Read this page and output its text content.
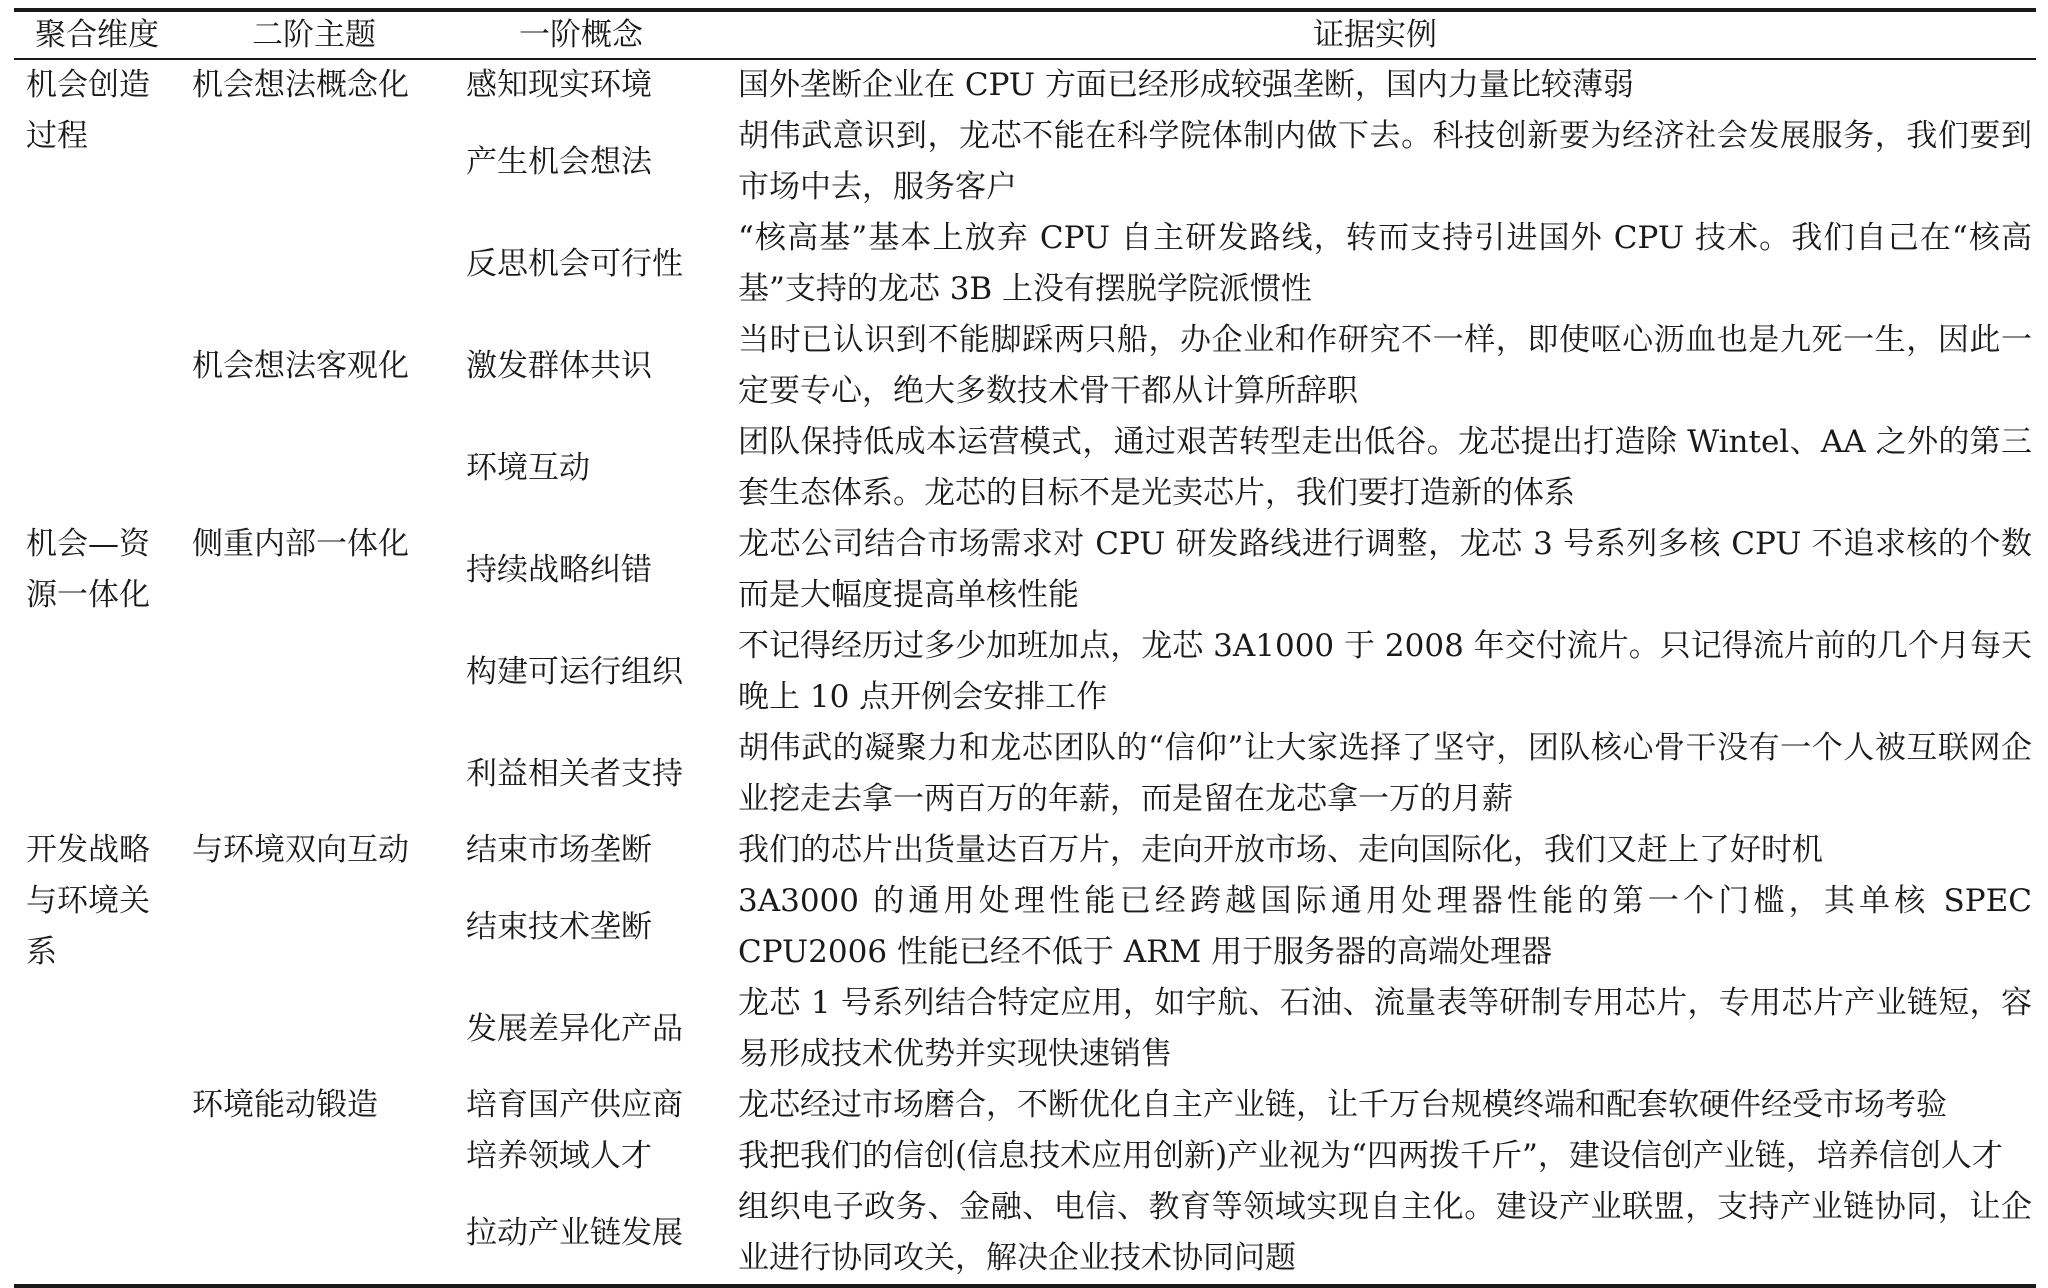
聚合维度	二阶主题	一阶概念	证据实例
机会创造过程	机会想法概念化	感知现实环境	国外垄断企业在 CPU 方面已经形成较强垄断，国内力量比较薄弱
		产生机会想法	胡伟武意识到，龙芯不能在科学院体制内做下去。科技创新要为经济社会发展服务，我们要到市场中去，服务客户
	机会想法客观化	反思机会可行性	“核高基”基本上放弃 CPU 自主研发路线，转而支持引进国外 CPU 技术。我们自己在“核高基”支持的龙芯 3B 上没有摆脱学院派惯性
		激发群体共识	当时已认识到不能脚踩两只船，办企业和作研究不一样，即使呕心沥血也是九死一生，因此一定要专心，绝大多数技术骨干都从计算所辞职
		环境互动	团队保持低成本运营模式，通过艰苦转型走出低谷。龙芯提出打造除 Wintel、AA 之外的第三套生态体系。龙芯的目标不是光卖芯片，我们要打造新的体系
机会—资源一体化	侧重内部一体化	持续战略纠错	龙芯公司结合市场需求对 CPU 研发路线进行调整，龙芯 3 号系列多核 CPU 不追求核的个数而是大幅度提高单核性能
		构建可运行组织	不记得经历过多少加班加点，龙芯 3A1000 于 2008 年交付流片。只记得流片前的几个月每天晚上 10 点开例会安排工作
		利益相关者支持	胡伟武的凝聚力和龙芯团队的“信仰”让大家选择了坚守，团队核心骨干没有一个人被互联网企业挖走去拿一两百万的年薪，而是留在龙芯拿一万的月薪
开发战略与环境关系	与环境双向互动	结束市场垄断	我们的芯片出货量达百万片，走向开放市场、走向国际化，我们又赶上了好时机
		结束技术垄断	3A3000 的通用处理性能已经跨越国际通用处理器性能的第一个门槛，其单核 SPEC CPU2006 性能已经不低于 ARM 用于服务器的高端处理器
		发展差异化产品	龙芯 1 号系列结合特定应用，如宇航、石油、流量表等研制专用芯片，专用芯片产业链短，容易形成技术优势并实现快速销售
	环境能动锻造	培育国产供应商	龙芯经过市场磨合，不断优化自主产业链，让千万台规模终端和配套软硬件经受市场考验
		培养领域人才	我把我们的信创(信息技术应用创新)产业视为“四两拨千斤”，建设信创产业链，培养信创人才
		拉动产业链发展	组织电子政务、金融、电信、教育等领域实现自主化。建设产业联盟，支持产业链协同，让企业进行协同攻关，解决企业技术协同问题
